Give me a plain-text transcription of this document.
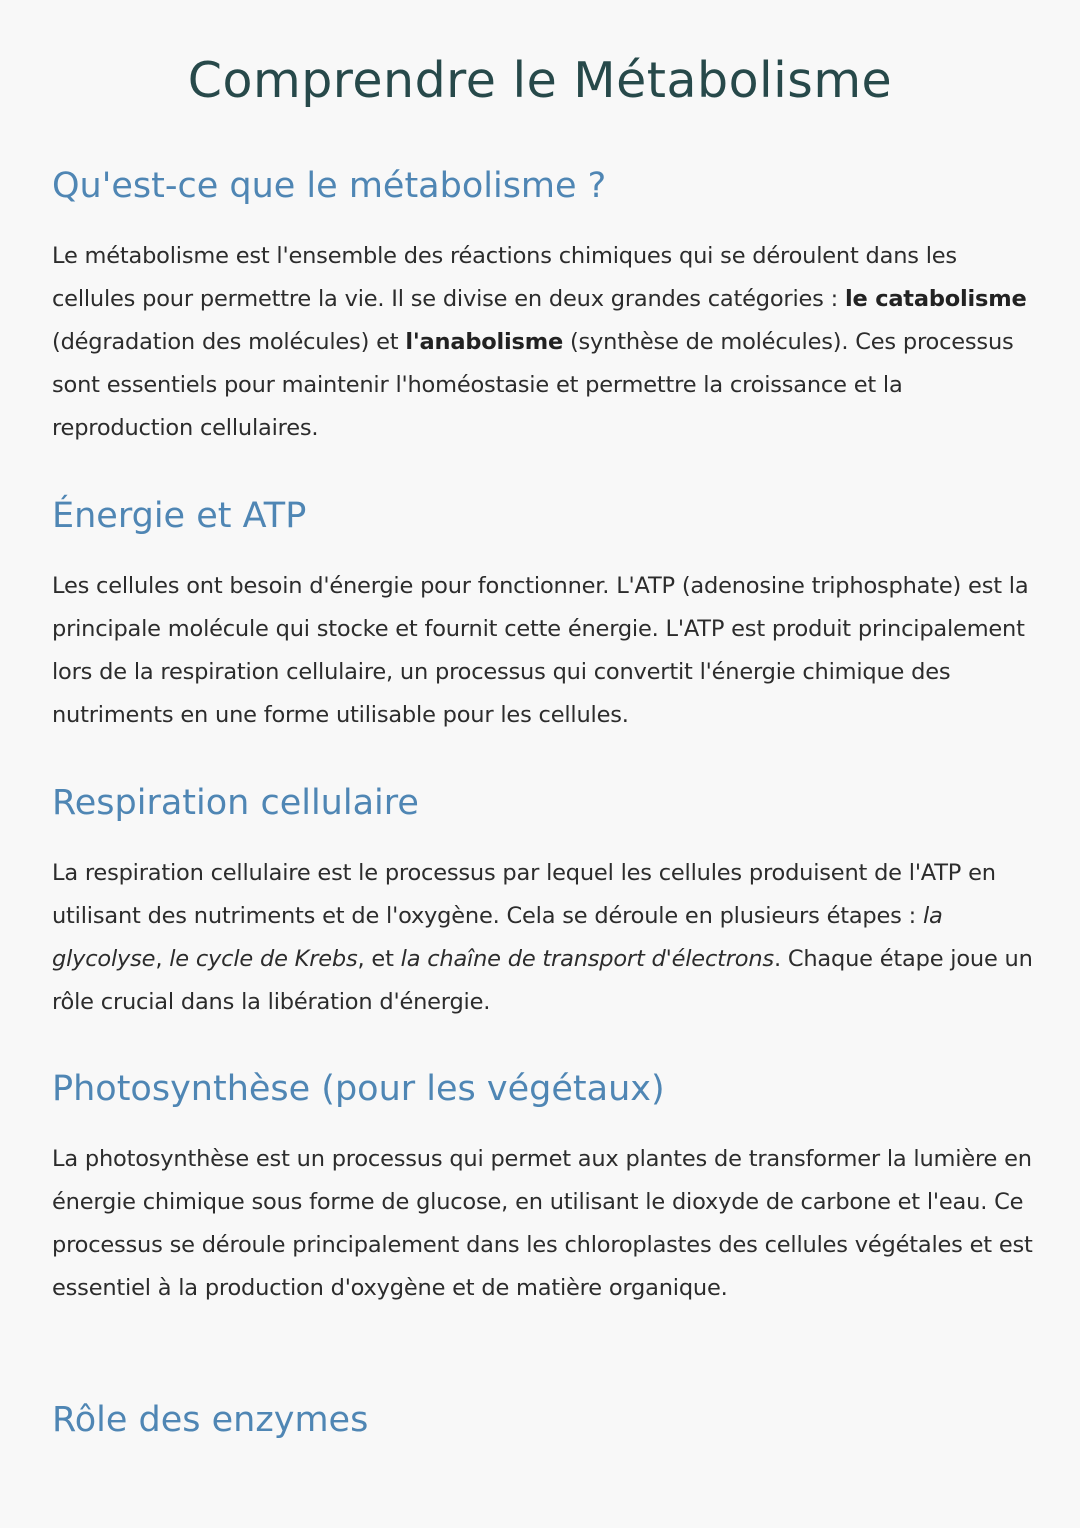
Comprendre le Métabolisme
Qu'est-ce que le métabolisme ?

Le métabolisme est l'ensemble des réactions chimiques qui se déroulent dans les cellules pour permettre la vie. Il se divise en deux grandes catégories : le catabolisme (dégradation des molécules) et l'anabolisme (synthèse de molécules). Ces processus sont essentiels pour maintenir l'homéostasie et permettre la croissance et la reproduction cellulaires.

Énergie et ATP

Les cellules ont besoin d'énergie pour fonctionner. L'ATP (adenosine triphosphate) est la principale molécule qui stocke et fournit cette énergie. L'ATP est produit principalement lors de la respiration cellulaire, un processus qui convertit l'énergie chimique des nutriments en une forme utilisable pour les cellules.

Respiration cellulaire

La respiration cellulaire est le processus par lequel les cellules produisent de l'ATP en utilisant des nutriments et de l'oxygène. Cela se déroule en plusieurs étapes : la glycolyse, le cycle de Krebs, et la chaîne de transport d'électrons. Chaque étape joue un rôle crucial dans la libération d'énergie.

Photosynthèse (pour les végétaux)

La photosynthèse est un processus qui permet aux plantes de transformer la lumière en énergie chimique sous forme de glucose, en utilisant le dioxyde de carbone et l'eau. Ce processus se déroule principalement dans les chloroplastes des cellules végétales et est essentiel à la production d'oxygène et de matière organique.

Rôle des enzymes
